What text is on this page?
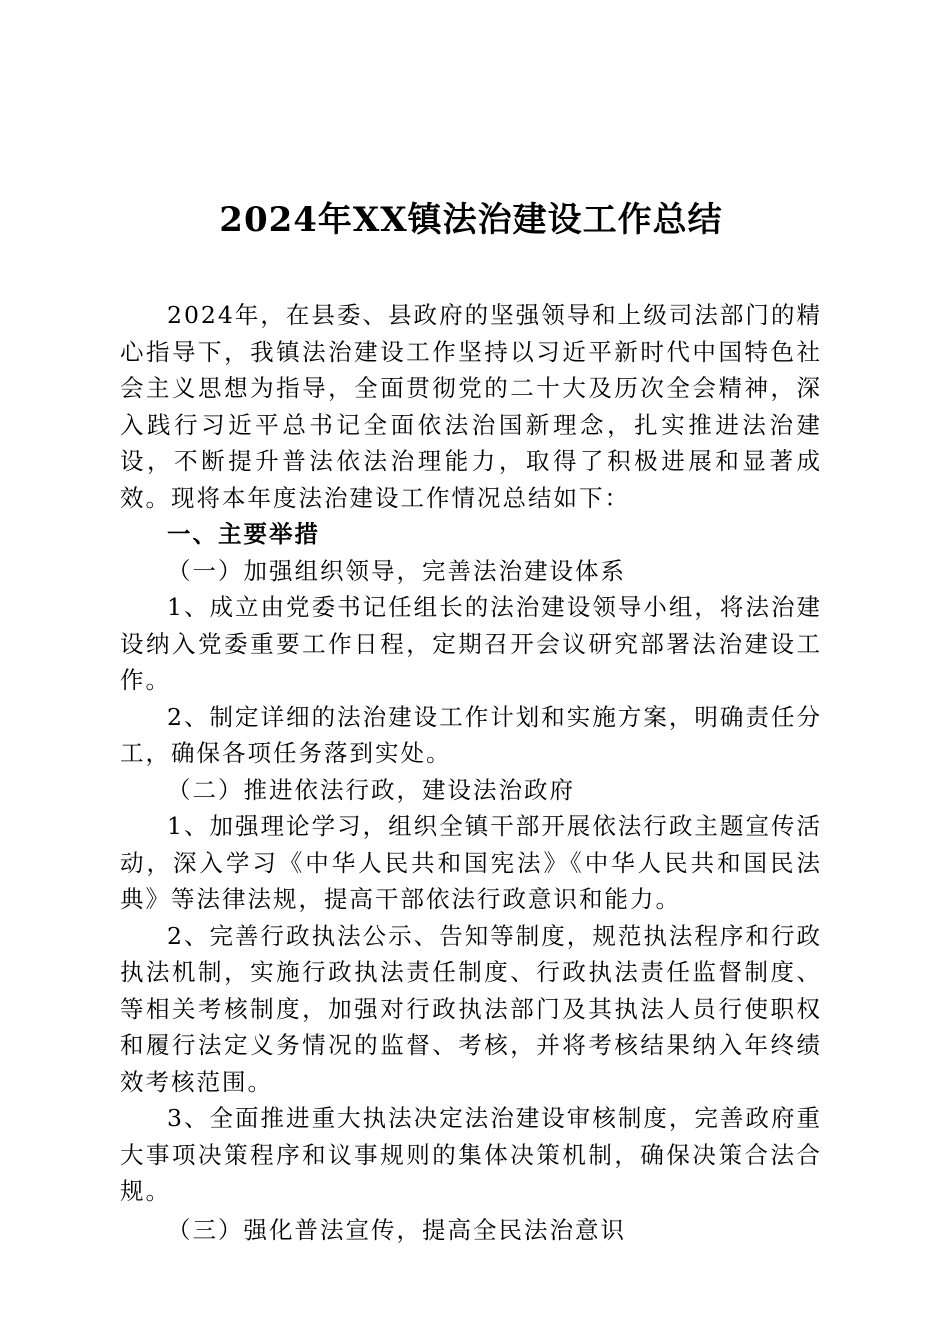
2024年XX镇法治建设工作总结

2024年，在县委、县政府的坚强领导和上级司法部门的精心指导下，我镇法治建设工作坚持以习近平新时代中国特色社会主义思想为指导，全面贯彻党的二十大及历次全会精神，深入践行习近平总书记全面依法治国新理念，扎实推进法治建设，不断提升普法依法治理能力，取得了积极进展和显著成效。现将本年度法治建设工作情况总结如下：

一、主要举措

（一）加强组织领导，完善法治建设体系

1、成立由党委书记任组长的法治建设领导小组，将法治建设纳入党委重要工作日程，定期召开会议研究部署法治建设工作。

2、制定详细的法治建设工作计划和实施方案，明确责任分工，确保各项任务落到实处。

（二）推进依法行政，建设法治政府

1、加强理论学习，组织全镇干部开展依法行政主题宣传活动，深入学习《中华人民共和国宪法》《中华人民共和国民法典》等法律法规，提高干部依法行政意识和能力。

2、完善行政执法公示、告知等制度，规范执法程序和行政执法机制，实施行政执法责任制度、行政执法责任监督制度、等相关考核制度，加强对行政执法部门及其执法人员行使职权和履行法定义务情况的监督、考核，并将考核结果纳入年终绩效考核范围。

3、全面推进重大执法决定法治建设审核制度，完善政府重大事项决策程序和议事规则的集体决策机制，确保决策合法合规。

（三）强化普法宣传，提高全民法治意识
